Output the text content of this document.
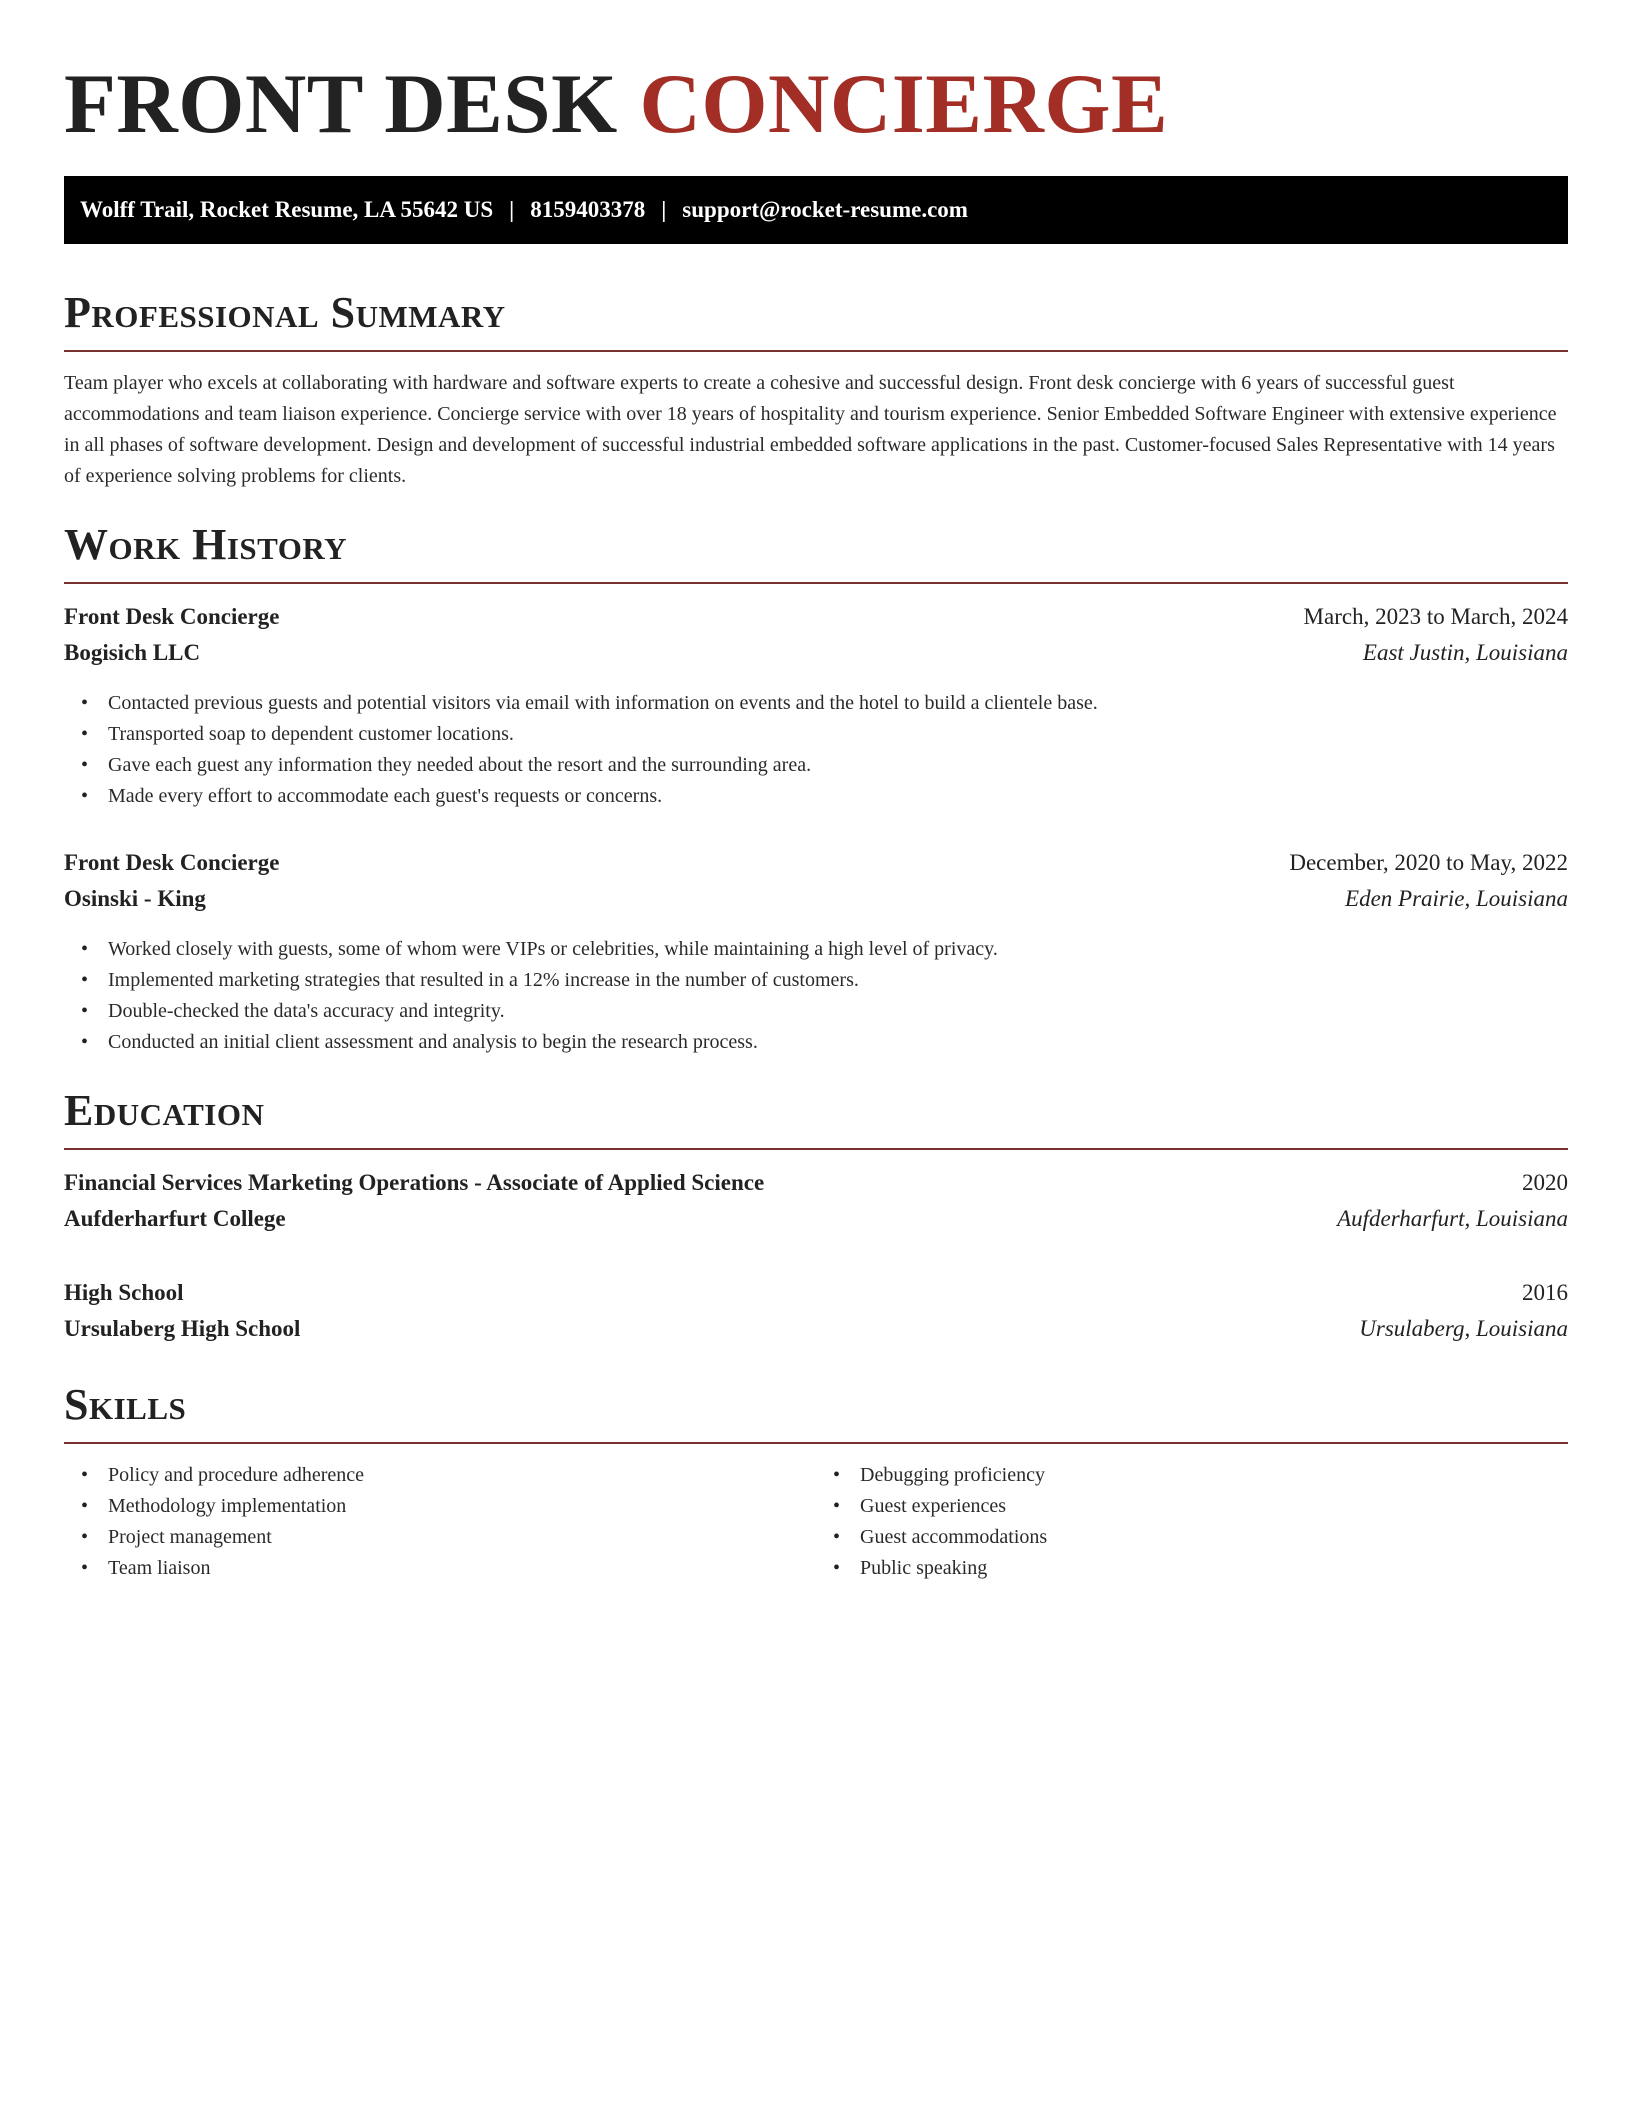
FRONT DESK CONCIERGE
Wolff Trail, Rocket Resume, LA 55642 US | 8159403378 | support@rocket-resume.com
Professional Summary

Team player who excels at collaborating with hardware and software experts to create a cohesive and successful design. Front desk concierge with 6 years of successful guest accommodations and team liaison experience. Concierge service with over 18 years of hospitality and tourism experience. Senior Embedded Software Engineer with extensive experience in all phases of software development. Design and development of successful industrial embedded software applications in the past. Customer-focused Sales Representative with 14 years of experience solving problems for clients.

Work History
Front Desk Concierge	March, 2023 to March, 2024
Bogisich LLC	East Justin, Louisiana
• Contacted previous guests and potential visitors via email with information on events and the hotel to build a clientele base.
• Transported soap to dependent customer locations.
• Gave each guest any information they needed about the resort and the surrounding area.
• Made every effort to accommodate each guest's requests or concerns.
Front Desk Concierge	December, 2020 to May, 2022
Osinski - King	Eden Prairie, Louisiana
• Worked closely with guests, some of whom were VIPs or celebrities, while maintaining a high level of privacy.
• Implemented marketing strategies that resulted in a 12% increase in the number of customers.
• Double-checked the data's accuracy and integrity.
• Conducted an initial client assessment and analysis to begin the research process.
Education
Financial Services Marketing Operations - Associate of Applied Science	2020
Aufderharfurt College	Aufderharfurt, Louisiana
High School	2016
Ursulaberg High School	Ursulaberg, Louisiana
Skills
• Policy and procedure adherence
• Methodology implementation
• Project management
• Team liaison
• Debugging proficiency
• Guest experiences
• Guest accommodations
• Public speaking
